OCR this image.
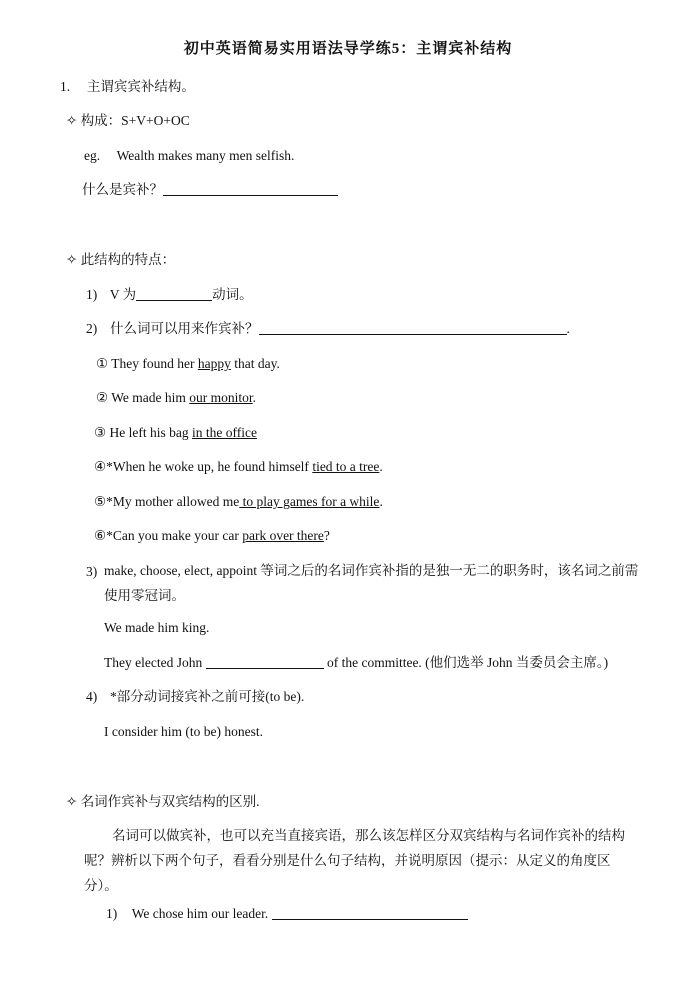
初中英语简易实用语法导学练5：主谓宾补结构
1. 主谓宾宾补结构。
✧ 构成：S+V+O+OC
eg. Wealth makes many men selfish.
什么是宾补？
✧ 此结构的特点：
1) V 为	动词。
2) 什么词可以用来作宾补？	.
① They found her happy that day.
② We made him our monitor.
③ He left his bag in the office
④*When he woke up, he found himself tied to a tree.
⑤*My mother allowed me to play games for a while.
⑥*Can you make your car park over there?
3) make, choose, elect, appoint 等词之后的名词作宾补指的是独一无二的职务时，该名词之前需使用零冠词。
We made him king.
They elected John	of the committee. (他们选举 John 当委员会主席。)
4) *部分动词接宾补之前可接(to be).
I consider him (to be) honest.
✧ 名词作宾补与双宾结构的区别.
名词可以做宾补，也可以充当直接宾语，那么该怎样区分双宾结构与名词作宾补的结构呢？辨析以下两个句子，看看分别是什么句子结构，并说明原因（提示：从定义的角度区分）。
1) We chose him our leader.
